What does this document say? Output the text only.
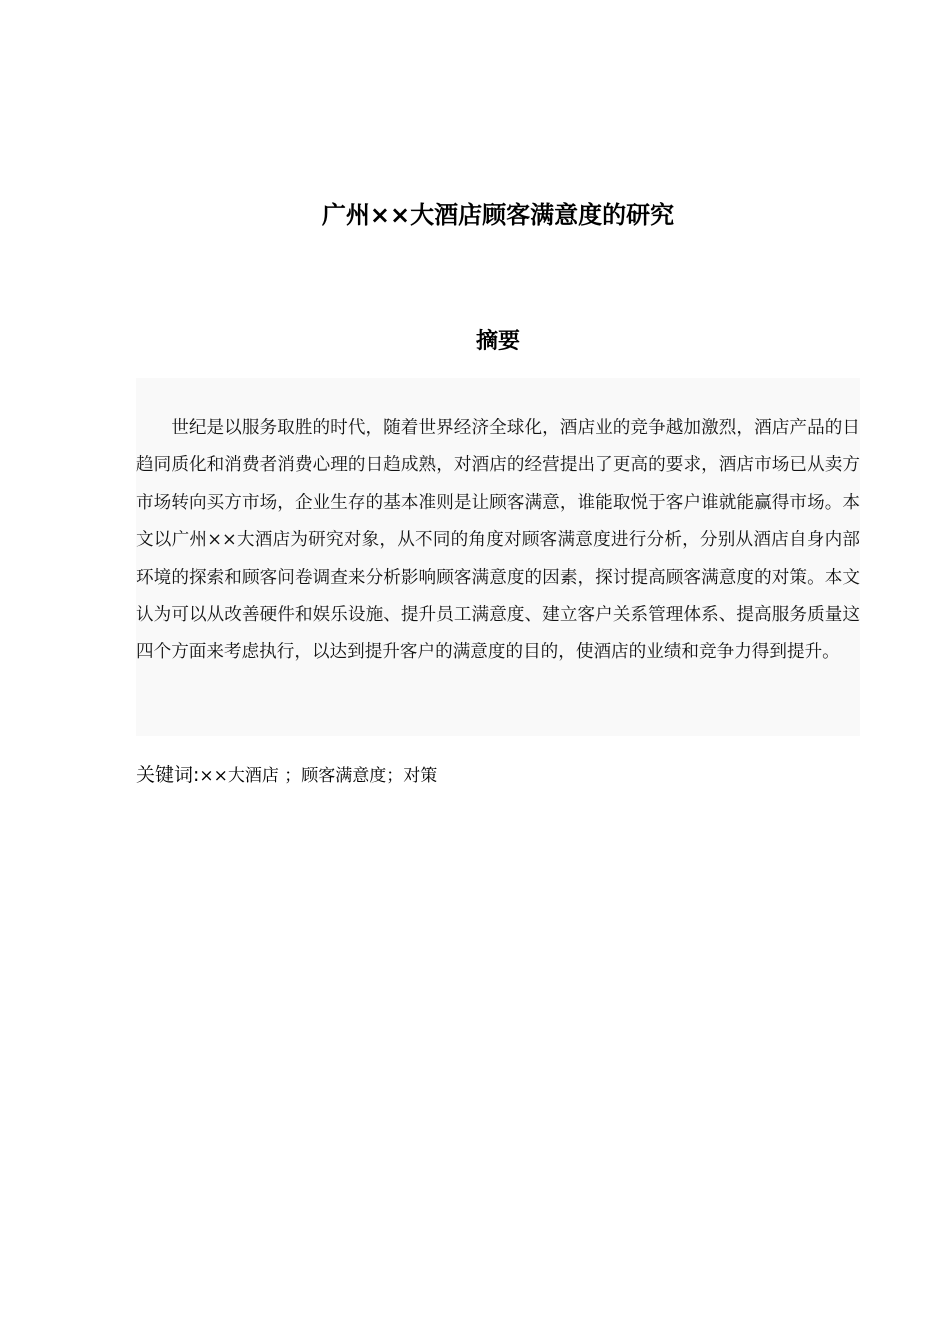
广州××大酒店顾客满意度的研究
摘要

世纪是以服务取胜的时代，随着世界经济全球化，酒店业的竞争越加激烈，酒店产品的日趋同质化和消费者消费心理的日趋成熟，对酒店的经营提出了更高的要求，酒店市场已从卖方市场转向买方市场，企业生存的基本准则是让顾客满意，谁能取悦于客户谁就能赢得市场。本文以广州××大酒店为研究对象，从不同的角度对顾客满意度进行分析，分别从酒店自身内部环境的探索和顾客问卷调查来分析影响顾客满意度的因素，探讨提高顾客满意度的对策。本文认为可以从改善硬件和娱乐设施、提升员工满意度、建立客户关系管理体系、提高服务质量这四个方面来考虑执行，以达到提升客户的满意度的目的，使酒店的业绩和竞争力得到提升。

关键词:××大酒店 ；顾客满意度；对策
